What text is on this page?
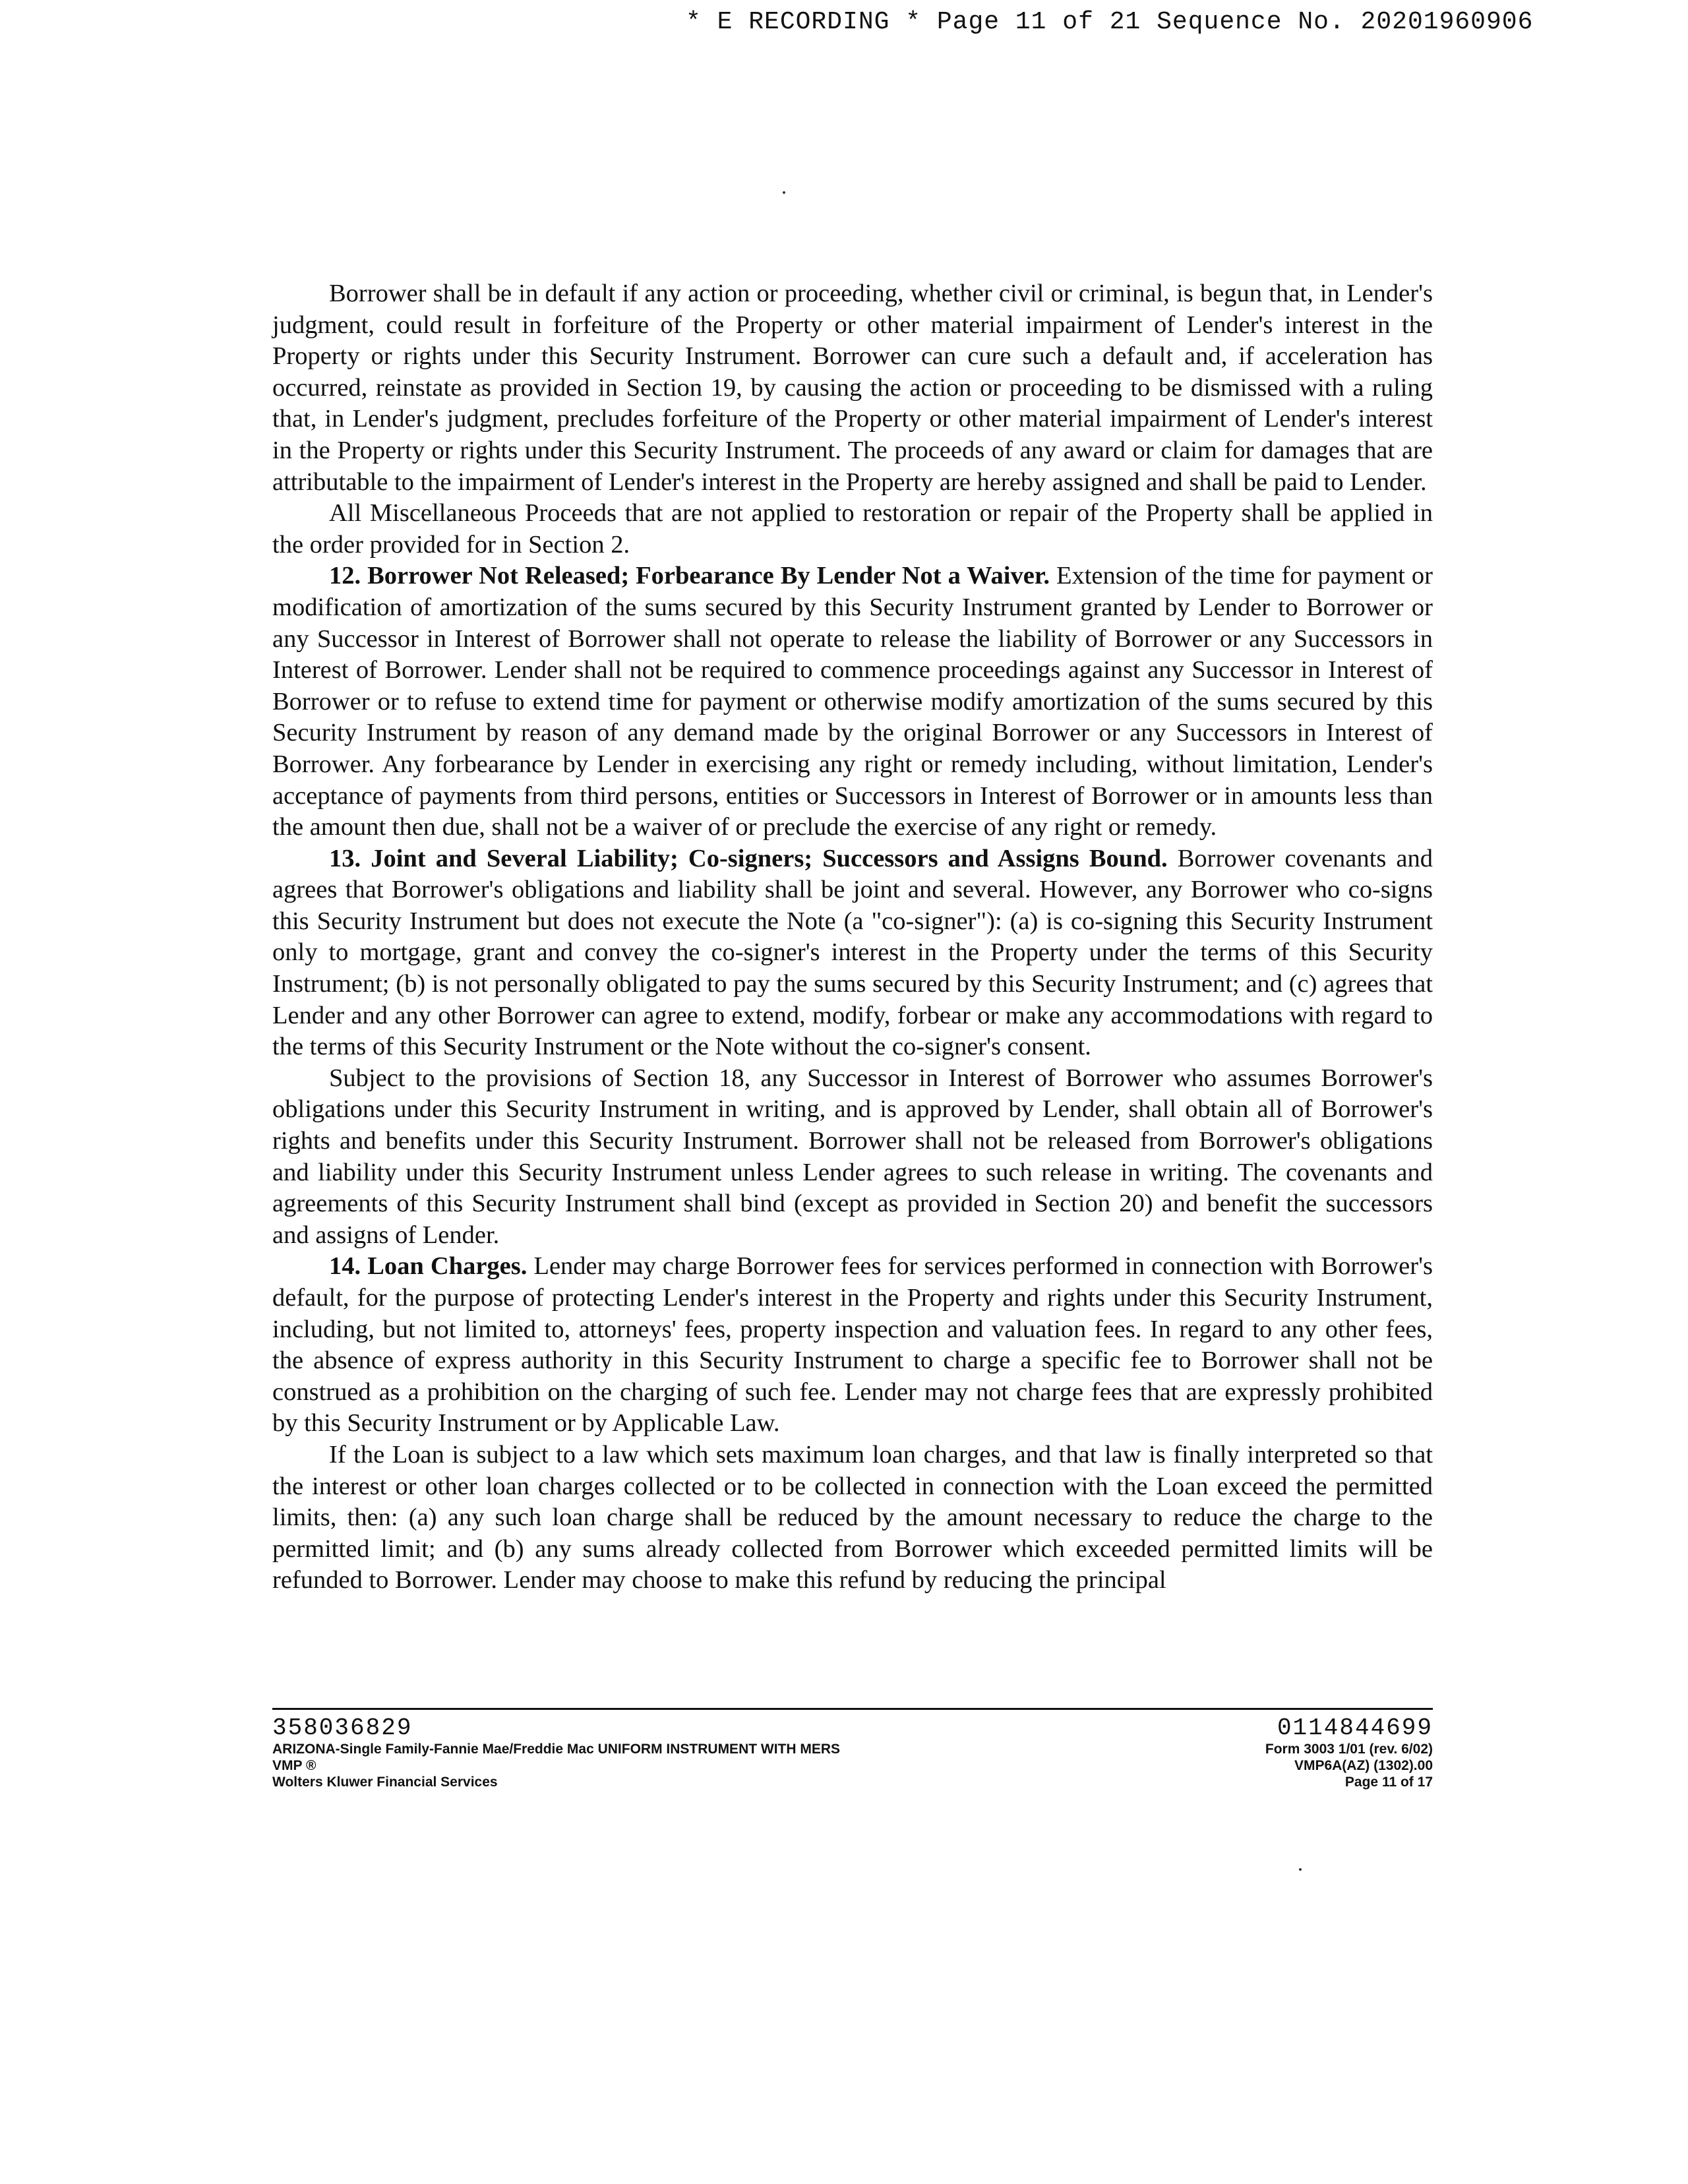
* E RECORDING * Page 11 of 21 Sequence No. 20201960906

Borrower shall be in default if any action or proceeding, whether civil or criminal, is begun that, in Lender's judgment, could result in forfeiture of the Property or other material impairment of Lender's interest in the Property or rights under this Security Instrument. Borrower can cure such a default and, if acceleration has occurred, reinstate as provided in Section 19, by causing the action or proceeding to be dismissed with a ruling that, in Lender's judgment, precludes forfeiture of the Property or other material impairment of Lender's interest in the Property or rights under this Security Instrument. The proceeds of any award or claim for damages that are attributable to the impairment of Lender's interest in the Property are hereby assigned and shall be paid to Lender.

All Miscellaneous Proceeds that are not applied to restoration or repair of the Property shall be applied in the order provided for in Section 2.

12. Borrower Not Released; Forbearance By Lender Not a Waiver. Extension of the time for payment or modification of amortization of the sums secured by this Security Instrument granted by Lender to Borrower or any Successor in Interest of Borrower shall not operate to release the liability of Borrower or any Successors in Interest of Borrower. Lender shall not be required to commence proceedings against any Successor in Interest of Borrower or to refuse to extend time for payment or otherwise modify amortization of the sums secured by this Security Instrument by reason of any demand made by the original Borrower or any Successors in Interest of Borrower. Any forbearance by Lender in exercising any right or remedy including, without limitation, Lender's acceptance of payments from third persons, entities or Successors in Interest of Borrower or in amounts less than the amount then due, shall not be a waiver of or preclude the exercise of any right or remedy.

13. Joint and Several Liability; Co-signers; Successors and Assigns Bound. Borrower covenants and agrees that Borrower's obligations and liability shall be joint and several. However, any Borrower who co-signs this Security Instrument but does not execute the Note (a "co-signer"): (a) is co-signing this Security Instrument only to mortgage, grant and convey the co-signer's interest in the Property under the terms of this Security Instrument; (b) is not personally obligated to pay the sums secured by this Security Instrument; and (c) agrees that Lender and any other Borrower can agree to extend, modify, forbear or make any accommodations with regard to the terms of this Security Instrument or the Note without the co-signer's consent.

Subject to the provisions of Section 18, any Successor in Interest of Borrower who assumes Borrower's obligations under this Security Instrument in writing, and is approved by Lender, shall obtain all of Borrower's rights and benefits under this Security Instrument. Borrower shall not be released from Borrower's obligations and liability under this Security Instrument unless Lender agrees to such release in writing. The covenants and agreements of this Security Instrument shall bind (except as provided in Section 20) and benefit the successors and assigns of Lender.

14. Loan Charges. Lender may charge Borrower fees for services performed in connection with Borrower's default, for the purpose of protecting Lender's interest in the Property and rights under this Security Instrument, including, but not limited to, attorneys' fees, property inspection and valuation fees. In regard to any other fees, the absence of express authority in this Security Instrument to charge a specific fee to Borrower shall not be construed as a prohibition on the charging of such fee. Lender may not charge fees that are expressly prohibited by this Security Instrument or by Applicable Law.

If the Loan is subject to a law which sets maximum loan charges, and that law is finally interpreted so that the interest or other loan charges collected or to be collected in connection with the Loan exceed the permitted limits, then: (a) any such loan charge shall be reduced by the amount necessary to reduce the charge to the permitted limit; and (b) any sums already collected from Borrower which exceeded permitted limits will be refunded to Borrower. Lender may choose to make this refund by reducing the principal

358036829
ARIZONA-Single Family-Fannie Mae/Freddie Mac UNIFORM INSTRUMENT WITH MERS
VMP ®
Wolters Kluwer Financial Services
0114844699
Form 3003 1/01 (rev. 6/02)
VMP6A(AZ) (1302).00
Page 11 of 17
